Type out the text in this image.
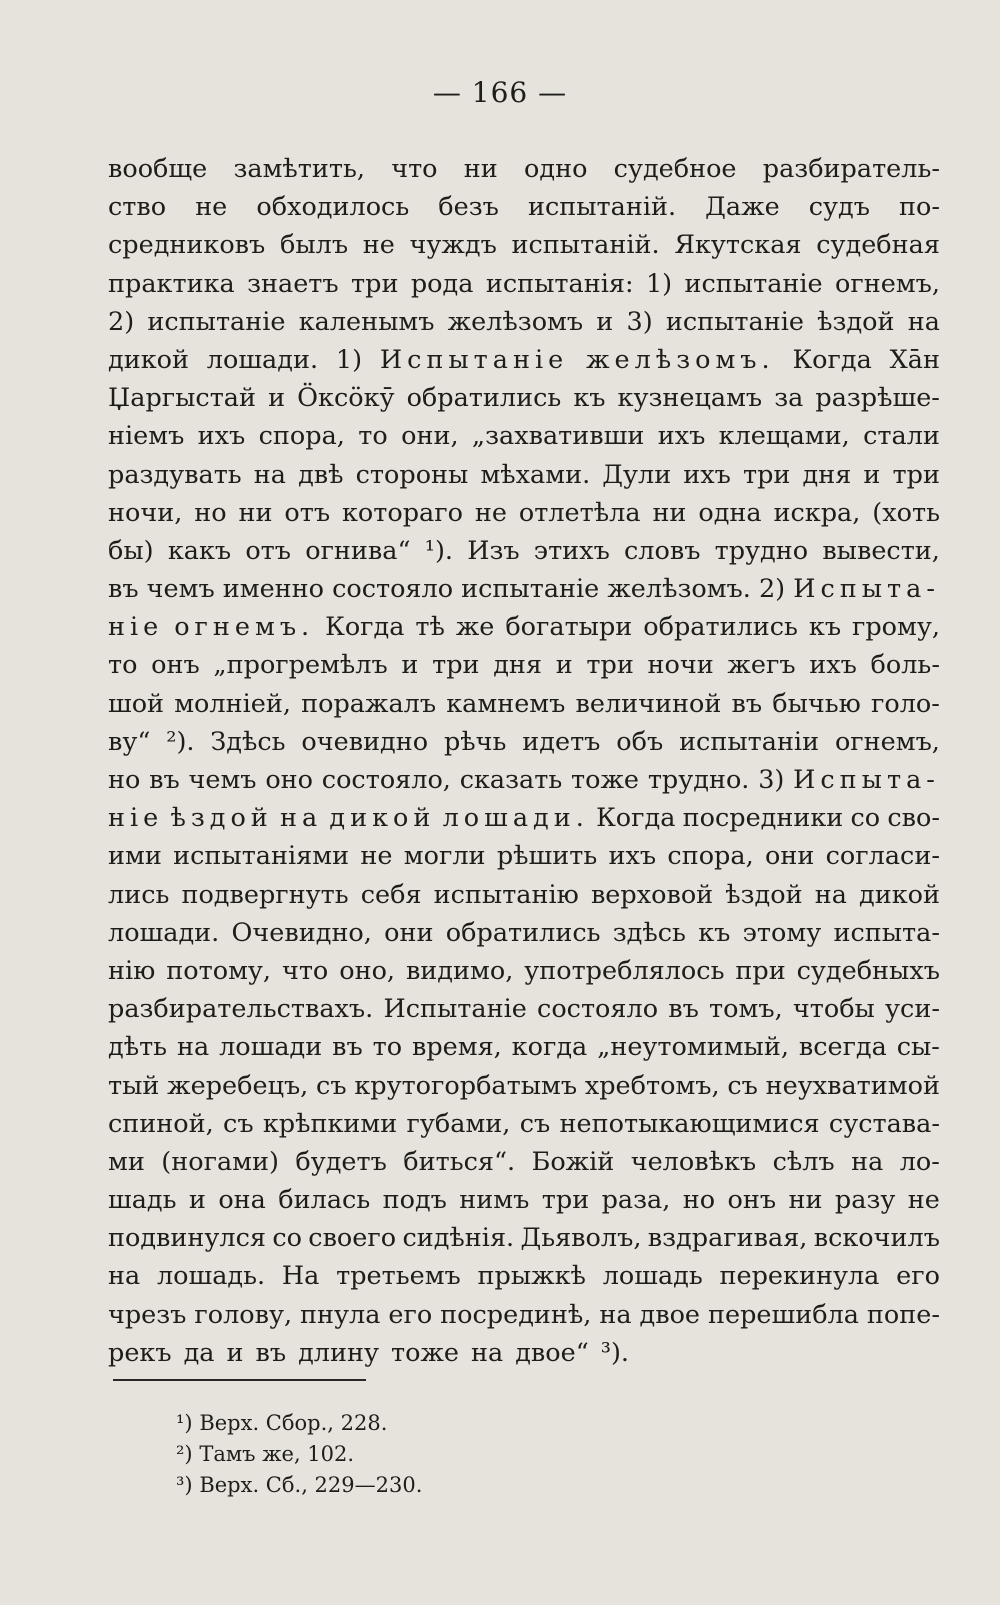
— 166 —
вообще замѣтить, что ни одно судебное разбиратель-
ство не обходилось безъ испытаній. Даже судъ по-
средниковъ былъ не чуждъ испытаній. Якутская судебная
практика знаетъ три рода испытанія: 1) испытаніе огнемъ,
2) испытаніе каленымъ желѣзомъ и 3) испытаніе ѣздой на
дикой лошади. 1) Испытаніе желѣзомъ. Когда Хāн
Џаргыстай и Öксöкӯ обратились къ кузнецамъ за разрѣше-
ніемъ ихъ спора, то они, „захвативши ихъ клещами, стали
раздувать на двѣ стороны мѣхами. Дули ихъ три дня и три
ночи, но ни отъ котораго не отлетѣла ни одна искра, (хоть
бы) какъ отъ огнива“ ¹). Изъ этихъ словъ трудно вывести,
въ чемъ именно состояло испытаніе желѣзомъ. 2) Испыта-
ніе огнемъ. Когда тѣ же богатыри обратились къ грому,
то онъ „прогремѣлъ и три дня и три ночи жегъ ихъ боль-
шой молніей, поражалъ камнемъ величиной въ бычью голо-
ву“ ²). Здѣсь очевидно рѣчь идетъ объ испытаніи огнемъ,
но въ чемъ оно состояло, сказать тоже трудно. 3) Испыта-
ніе ѣздой на дикой лошади. Когда посредники со сво-
ими испытаніями не могли рѣшить ихъ спора, они согласи-
лись подвергнуть себя испытанію верховой ѣздой на дикой
лошади. Очевидно, они обратились здѣсь къ этому испыта-
нію потому, что оно, видимо, употреблялось при судебныхъ
разбирательствахъ. Испытаніе состояло въ томъ, чтобы уси-
дѣть на лошади въ то время, когда „неутомимый, всегда сы-
тый жеребецъ, съ крутогорбатымъ хребтомъ, съ неухватимой
спиной, съ крѣпкими губами, съ непотыкающимися сустава-
ми (ногами) будетъ биться“. Божій человѣкъ сѣлъ на ло-
шадь и она билась подъ нимъ три раза, но онъ ни разу не
подвинулся со своего сидѣнія. Дьяволъ, вздрагивая, вскочилъ
на лошадь. На третьемъ прыжкѣ лошадь перекинула его
чрезъ голову, пнула его посрединѣ, на двое перешибла попе-
рекъ да и въ длину тоже на двое“ ³).
¹) Верх. Сбор., 228.
²) Тамъ же, 102.
³) Верх. Сб., 229—230.
